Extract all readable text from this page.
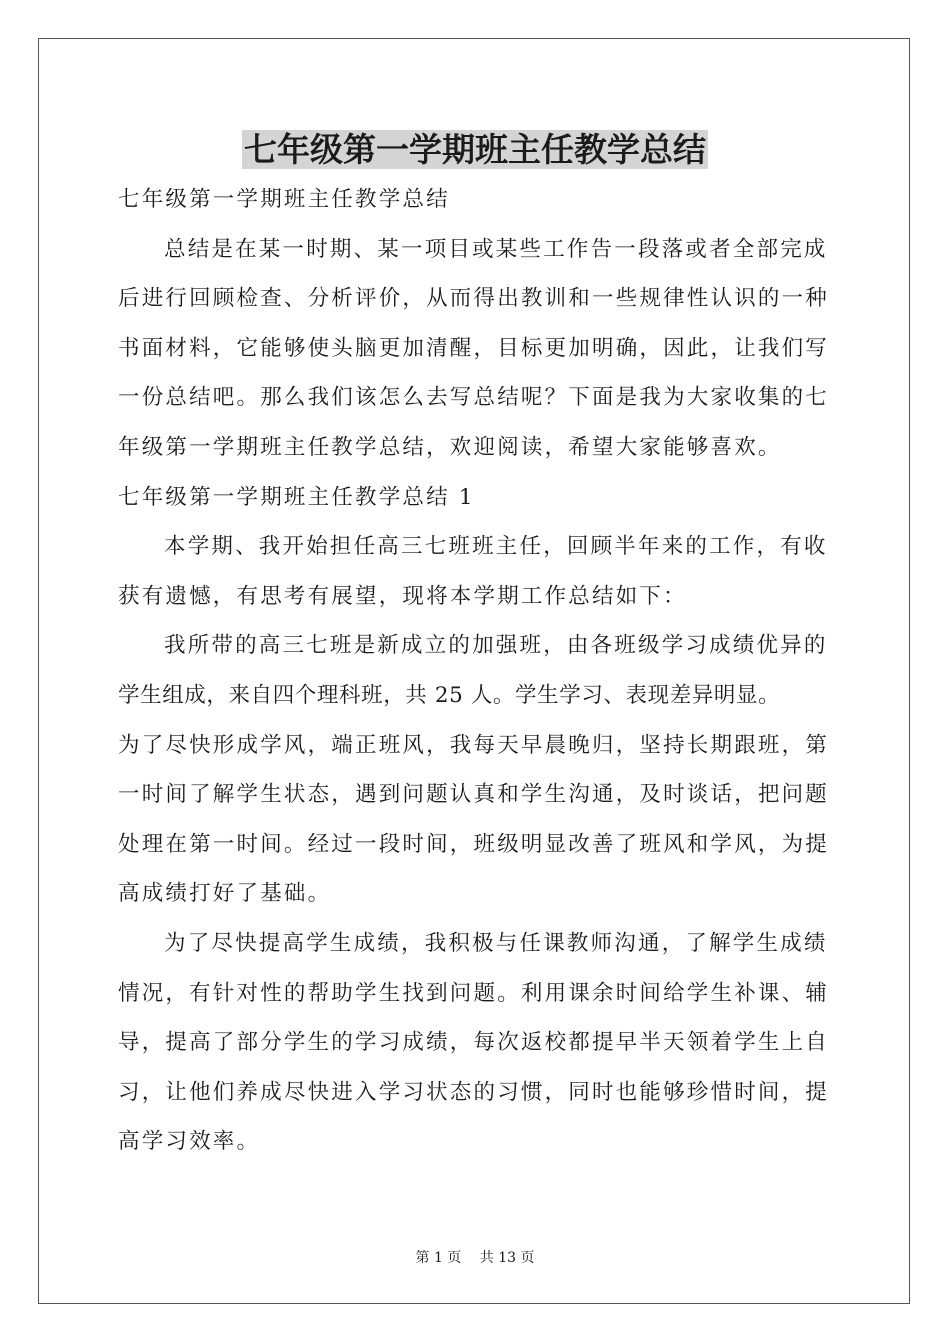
七年级第一学期班主任教学总结
七年级第一学期班主任教学总结
总结是在某一时期、某一项目或某些工作告一段落或者全部完成
后进行回顾检查、分析评价，从而得出教训和一些规律性认识的一种
书面材料，它能够使头脑更加清醒，目标更加明确，因此，让我们写
一份总结吧。那么我们该怎么去写总结呢？下面是我为大家收集的七
年级第一学期班主任教学总结，欢迎阅读，希望大家能够喜欢。
七年级第一学期班主任教学总结 1
本学期、我开始担任高三七班班主任，回顾半年来的工作，有收
获有遗憾，有思考有展望，现将本学期工作总结如下：
我所带的高三七班是新成立的加强班，由各班级学习成绩优异的
学生组成，来自四个理科班，共 25 人。学生学习、表现差异明显。
为了尽快形成学风，端正班风，我每天早晨晚归，坚持长期跟班，第
一时间了解学生状态，遇到问题认真和学生沟通，及时谈话，把问题
处理在第一时间。经过一段时间，班级明显改善了班风和学风，为提
高成绩打好了基础。
为了尽快提高学生成绩，我积极与任课教师沟通，了解学生成绩
情况，有针对性的帮助学生找到问题。利用课余时间给学生补课、辅
导，提高了部分学生的学习成绩，每次返校都提早半天领着学生上自
习，让他们养成尽快进入学习状态的习惯，同时也能够珍惜时间，提
高学习效率。
第 1 页　 共 13 页
